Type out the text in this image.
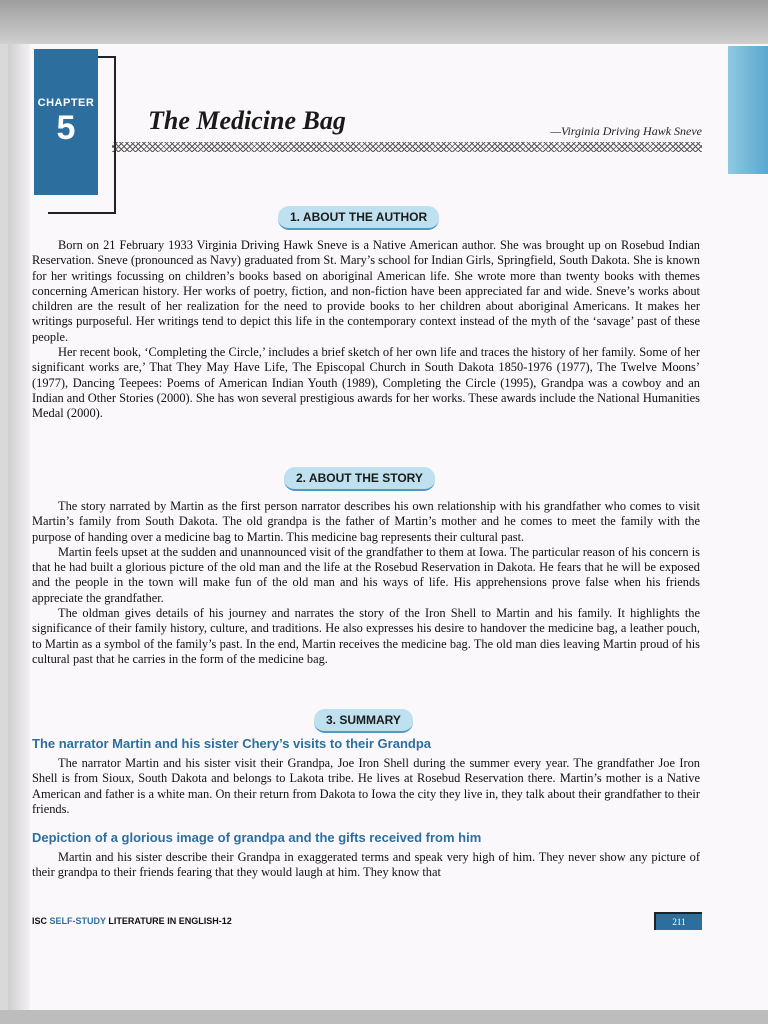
CHAPTER
5	The Medicine Bag	—Virginia Driving Hawk Sneve
1. ABOUT THE AUTHOR

Born on 21 February 1933 Virginia Driving Hawk Sneve is a Native American author. She was brought up on Rosebud Indian Reservation. Sneve (pronounced as Navy) graduated from St. Mary’s school for Indian Girls, Springfield, South Dakota. She is known for her writings focussing on children’s books based on aboriginal American life. She wrote more than twenty books with themes concerning American history. Her works of poetry, fiction, and non-fiction have been appreciated far and wide. Sneve’s works about children are the result of her realization for the need to provide books to her children about aboriginal Americans. It makes her writings purposeful. Her writings tend to depict this life in the contemporary context instead of the myth of the ‘savage’ past of these people.

Her recent book, ‘Completing the Circle,’ includes a brief sketch of her own life and traces the history of her family. Some of her significant works are,’ That They May Have Life, The Episcopal Church in South Dakota 1850-1976 (1977), The Twelve Moons’ (1977), Dancing Teepees: Poems of American Indian Youth (1989), Completing the Circle (1995), Grandpa was a cowboy and an Indian and Other Stories (2000). She has won several prestigious awards for her works. These awards include the National Humanities Medal (2000).

2. ABOUT THE STORY

The story narrated by Martin as the first person narrator describes his own relationship with his grandfather who comes to visit Martin’s family from South Dakota. The old grandpa is the father of Martin’s mother and he comes to meet the family with the purpose of handing over a medicine bag to Martin. This medicine bag represents their cultural past.

Martin feels upset at the sudden and unannounced visit of the grandfather to them at Iowa. The particular reason of his concern is that he had built a glorious picture of the old man and the life at the Rosebud Reservation in Dakota. He fears that he will be exposed and the people in the town will make fun of the old man and his ways of life. His apprehensions prove false when his friends appreciate the grandfather.

The oldman gives details of his journey and narrates the story of the Iron Shell to Martin and his family. It highlights the significance of their family history, culture, and traditions. He also expresses his desire to handover the medicine bag, a leather pouch, to Martin as a symbol of the family’s past. In the end, Martin receives the medicine bag. The old man dies leaving Martin proud of his cultural past that he carries in the form of the medicine bag.

3. SUMMARY
The narrator Martin and his sister Chery’s visits to their Grandpa

The narrator Martin and his sister visit their Grandpa, Joe Iron Shell during the summer every year. The grandfather Joe Iron Shell is from Sioux, South Dakota and belongs to Lakota tribe. He lives at Rosebud Reservation there. Martin’s mother is a Native American and father is a white man. On their return from Dakota to Iowa the city they live in, they talk about their grandfather to their friends.

Depiction of a glorious image of grandpa and the gifts received from him

Martin and his sister describe their Grandpa in exaggerated terms and speak very high of him. They never show any picture of their grandpa to their friends fearing that they would laugh at him. They know that

ISC SELF-STUDY LITERATURE IN ENGLISH-12	211
